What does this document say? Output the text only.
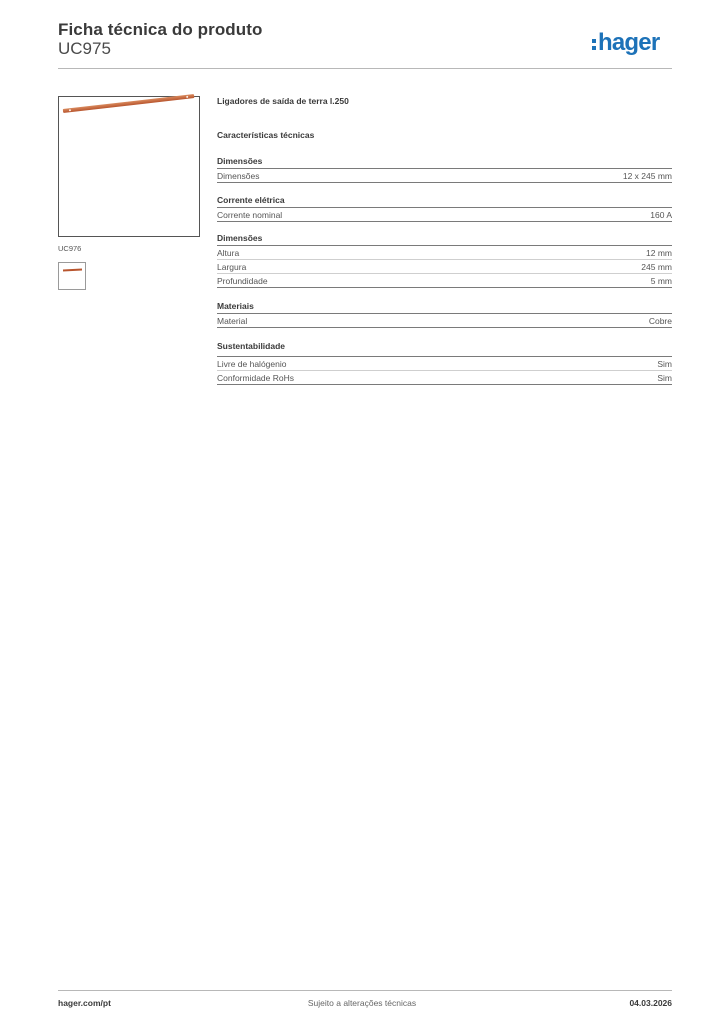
Ficha técnica do produto
UC975	hager
UC976
Ligadores de saída de terra l.250
Características técnicas
Dimensões
Dimensões	12 x 245 mm
Corrente elétrica
Corrente nominal	160 A
Dimensões
Altura	12 mm
Largura	245 mm
Profundidade	5 mm
Materiais
Material	Cobre
Sustentabilidade
Livre de halógenio	Sim
Conformidade RoHs	Sim
hager.com/pt	Sujeito a alterações técnicas	04.03.2026
